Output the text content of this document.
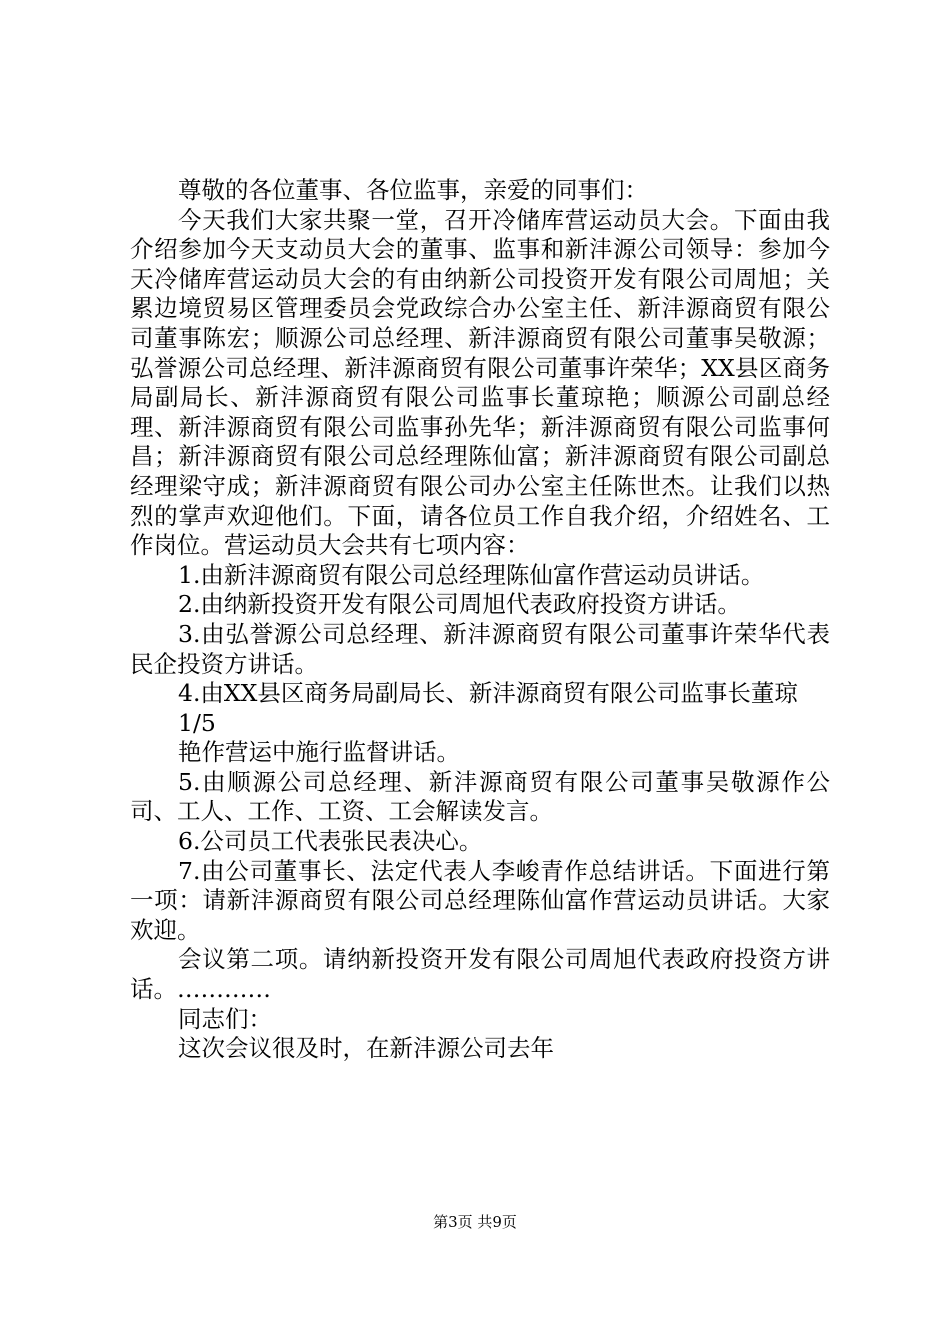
尊敬的各位董事、各位监事，亲爱的同事们：

今天我们大家共聚一堂，召开冷储库营运动员大会。下面由我介绍参加今天支动员大会的董事、监事和新沣源公司领导：参加今天冷储库营运动员大会的有由纳新公司投资开发有限公司周旭；关累边境贸易区管理委员会党政综合办公室主任、新沣源商贸有限公司董事陈宏；顺源公司总经理、新沣源商贸有限公司董事吴敬源；弘誉源公司总经理、新沣源商贸有限公司董事许荣华；XX县区商务局副局长、新沣源商贸有限公司监事长董琼艳；顺源公司副总经理、新沣源商贸有限公司监事孙先华；新沣源商贸有限公司监事何昌；新沣源商贸有限公司总经理陈仙富；新沣源商贸有限公司副总经理梁守成；新沣源商贸有限公司办公室主任陈世杰。让我们以热烈的掌声欢迎他们。下面，请各位员工作自我介绍，介绍姓名、工作岗位。营运动员大会共有七项内容：

1.由新沣源商贸有限公司总经理陈仙富作营运动员讲话。

2.由纳新投资开发有限公司周旭代表政府投资方讲话。

3.由弘誉源公司总经理、新沣源商贸有限公司董事许荣华代表民企投资方讲话。

4.由XX县区商务局副局长、新沣源商贸有限公司监事长董琼

1/5

艳作营运中施行监督讲话。

5.由顺源公司总经理、新沣源商贸有限公司董事吴敬源作公司、工人、工作、工资、工会解读发言。

6.公司员工代表张民表决心。

7.由公司董事长、法定代表人李峻青作总结讲话。下面进行第一项：请新沣源商贸有限公司总经理陈仙富作营运动员讲话。大家欢迎。

会议第二项。请纳新投资开发有限公司周旭代表政府投资方讲话。…………

同志们：

这次会议很及时，在新沣源公司去年

第3页 共9页
